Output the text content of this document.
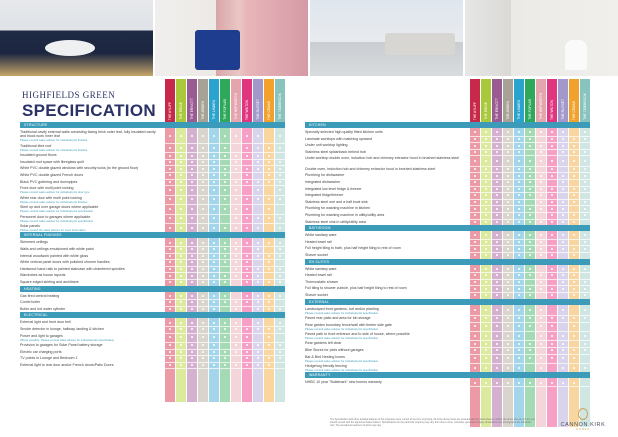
HIGHFIELDS GREEN
SPECIFICATION	THE AYLIFF THE ERIGE THE ERIVOTT THE ARDEN THE LINDEN THE POPLAR THE HEPWORTH THE WILTON THE RUSSET THE CEDAR THE TIDEBROOK
STRUCTURE
Traditional cavity external walls consisting facing brick outer leaf, fully insulated cavity and block work inner leaf
Please consult sales advisor for individual plot finishes
Traditional tiled roof
Please consult sales advisor for individual plot finishes
Insulated ground floors
Insulated roof space with fibreglass quilt
White PVC double glazed windows with security locks (to the ground floor)
White PVC double glazed French doors
Black PVC guttering and downpipes
Front door with multi point locking
Please consult sales advisor for individual plot door type
White rear door with multi point locking
Please consult sales advisor for individual plot finishes
Steel up and over garage doors where applicable
Please consult sales advisor for individual plot specification
Personnel door to garages where applicable
Please consult sales advisor for individual plot specification
Solar panels
Please consult the sales advisor for more information
INTERNAL FINISHES
Skimmed ceilings
Walls and ceilings emulsioned with white paint
Internal woodwork painted with white gloss
White vertical panel doors with polished chrome handles
Hardwood hand rails to painted staircase with chamfered spindles
Wardrobes as house layouts
Square edged skirting and architrave
HEATING
Gas fired central heating
Combi boiler
Boiler and hot water cylinder
ELECTRICAL
External light and front door bell
Smoke detector in lounge, hallway, landing & kitchen
Power and light to garages
Where possible. Please consult sales advisor for individual plot specification
Provision to garages for Solar Panel battery storage
Electric car charging ports
TV points in Lounge and Bedroom 1
External light to rear door and/or French doors/Patio Doors
THE AYLIFF THE ERIGE THE ERIVOTT THE ARDEN THE LINDEN THE POPLAR THE HEPWORTH THE WILTON THE RUSSET THE CEDAR THE TIDEBROOK
KITCHEN
Specially selected high quality fitted kitchen units
Laminate worktops with matching upstand
Under unit worktop lighting
Stainless steel splashback behind hob
Under worktop double oven, induction hob and chimney extractor hood in brushed stainless steel
Double oven, induction hob and chimney extractor hood in brushed stainless steel
Plumbing for dishwasher
Integrated dishwasher
Integrated low level fridge & freezer
Integrated fridge/freezer
Stainless steel one and a half bowl sink
Plumbing for washing machine in kitchen
Plumbing for washing machine in utility/utility area
Stainless steel sink in utility/utility area
BATHROOM
White sanitary ware
Heated towel rail
Full height tiling to bath, plus half height tiling to rest of room
Shaver socket
EN SUITES
White sanitary ware
Heated towel rail
Thermostatic shower
Full tiling to shower cubicle, plus half height tiling to rest of room
Shaver socket
EXTERNAL
Landscaped front gardens, turf and/or planting
Please consult sales advisor for individual plot specification
Paved rear patio and area for bin storage
Rear garden boundary fence/wall with timber side gate
Please consult sales advisor for individual plot specification
Paved path to front entrance and to side of house, where possible
Please consult sales advisor for individual plot specification
Rear gardens left clear
Bike Stores for plots without garages
Bat & Bird Nesting boxes
Please consult sales advisor for individual plot specification
Hedgehog friendly fencing
Please consult sales advisor for individual plot specification
WARRANTY
NHBC 10 year "Buildmark" new homes warranty
The Specification and other detailed features of the properties were correct at the time of printing. All of the above items are provided with the plots where on which site at the time of print but you should consult with the appointed Sales Advisor. Specifications for the particular property may vary from time to time. Computer generated images, illustrations and photographs are indicative only. The elevational treatment of plots may vary.	CANNON KIRK
HOMES
